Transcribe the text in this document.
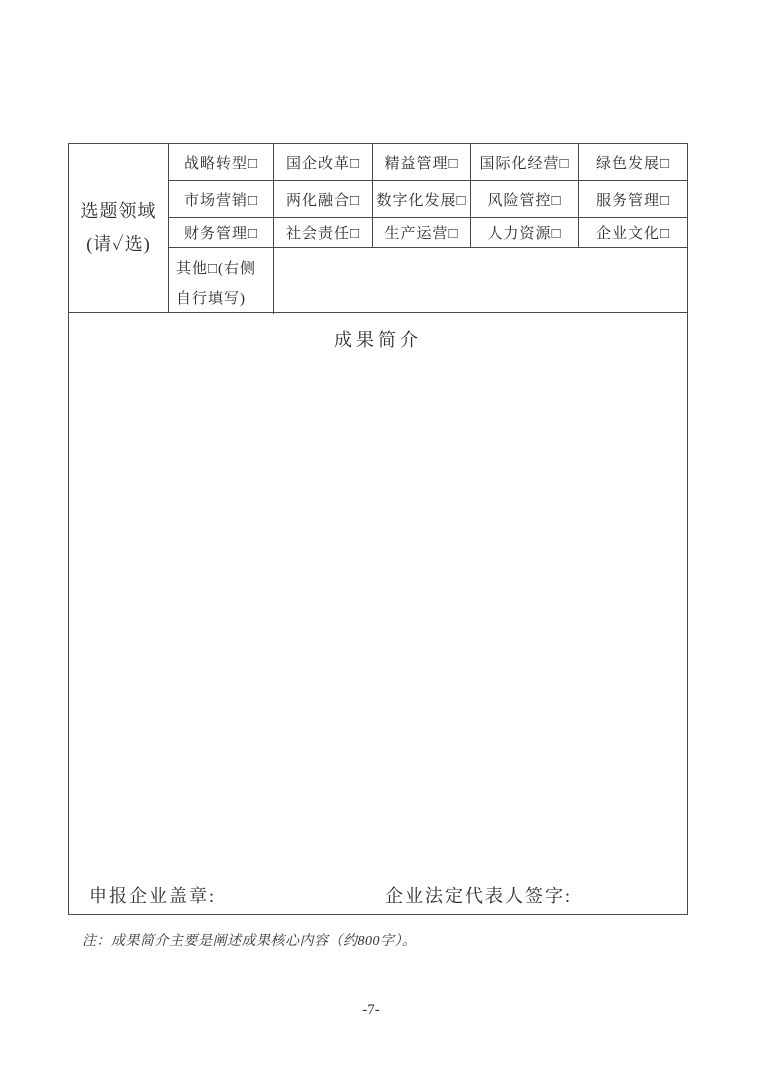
选题领域
(请✓选)
战略转型□	国企改革□	精益管理□	国际化经营□	绿色发展□
市场营销□	两化融合□	数字化发展□	风险管控□	服务管理□
财务管理□	社会责任□	生产运营□	人力资源□	企业文化□
其他□(右侧
自行填写)
成果简介
申报企业盖章:	企业法定代表人签字:
注：成果简介主要是阐述成果核心内容（约800字）。
-7-
